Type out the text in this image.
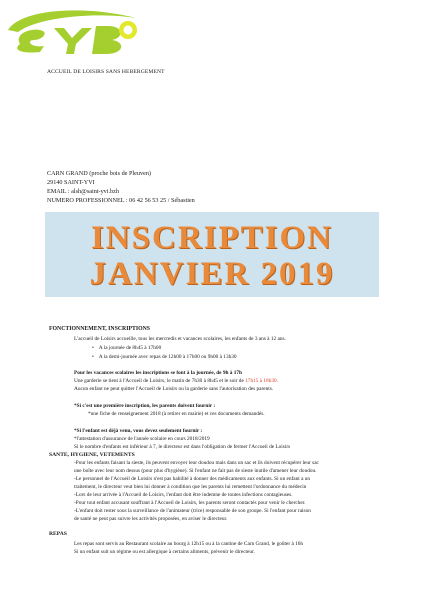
ACCUEIL DE LOISIRS SANS HEBERGEMENT
CARN GRAND (proche bois de Pleuven)
29140 SAINT-YVI
EMAIL : alsh@saint-yvi.bzh
NUMERO PROFESSIONNEL : 06 42 56 53 25 / Sébastien
INSCRIPTION
JANVIER 2019
FONCTIONNEMENT, INSCRIPTIONS
L'accueil de Loisirs accueille, tous les mercredis et vacances scolaires, les enfants de 3 ans à 12 ans.
• A la journée de 8h45 à 17h00
• A la demi-journée avec repas de 12h00 à 17h00 ou 9h00 à 13h30
Pour les vacances scolaires les inscriptions se font à la journée, de 9h à 17h
Une garderie se tient à l'Accueil de Loisirs, le matin de 7h30 à 8h45 et le soir de 17h15 à 18h30.
Aucun enfant ne peut quitter l'Accueil de Loisirs ou la garderie sans l'autorisation des parents.
*Si c'est une première inscription, les parents doivent fournir :
*une fiche de renseignement 2018 (à retirer en mairie) et ces documents demandés.
*Si l'enfant est déjà venu, vous devez seulement fournir :
*l'attestation d'assurance de l'année scolaire en cours 2018/2019
Si le nombre d'enfants est inférieur à 7, le directeur est dans l'obligation de fermer l'Accueil de Loisirs
SANTE, HYGIENE, VETEMENTS
-Pour les enfants faisant la sieste, ils peuvent envoyer leur doudou mais dans un sac et ils doivent récupérer leur sac
une boîte avec leur nom dessus (pour plus d'hygiène). Si l'enfant ne fait pas de sieste inutile d'amener leur doudou.
-Le personnel de l'Accueil de Loisirs n'est pas habilité à donner des médicaments aux enfants. Si un enfant a un
traitement, le directeur veut bien lui donner à condition que les parents lui remettent l'ordonnance du médecin
-Lors de leur arrivée à l'Accueil de Loisirs, l'enfant doit être indemne de toutes infections contagieuses.
-Pour tout enfant accusant souffrant à l'Accueil de Loisirs, les parents seront contactés pour venir le chercher.
-L'enfant doit rester sous la surveillance de l'animateur (trice) responsable de son groupe. Si l'enfant pour raison
de santé ne peut pas suivre les activités proposées, en aviser le directeur.
REPAS
Les repas sont servis au Restaurant scolaire au bourg à 12h15 ou à la cantine de Carn Grand, le goûter à 16h
Si un enfant suit un régime ou est allergique à certains aliments, prévenir le directeur.
